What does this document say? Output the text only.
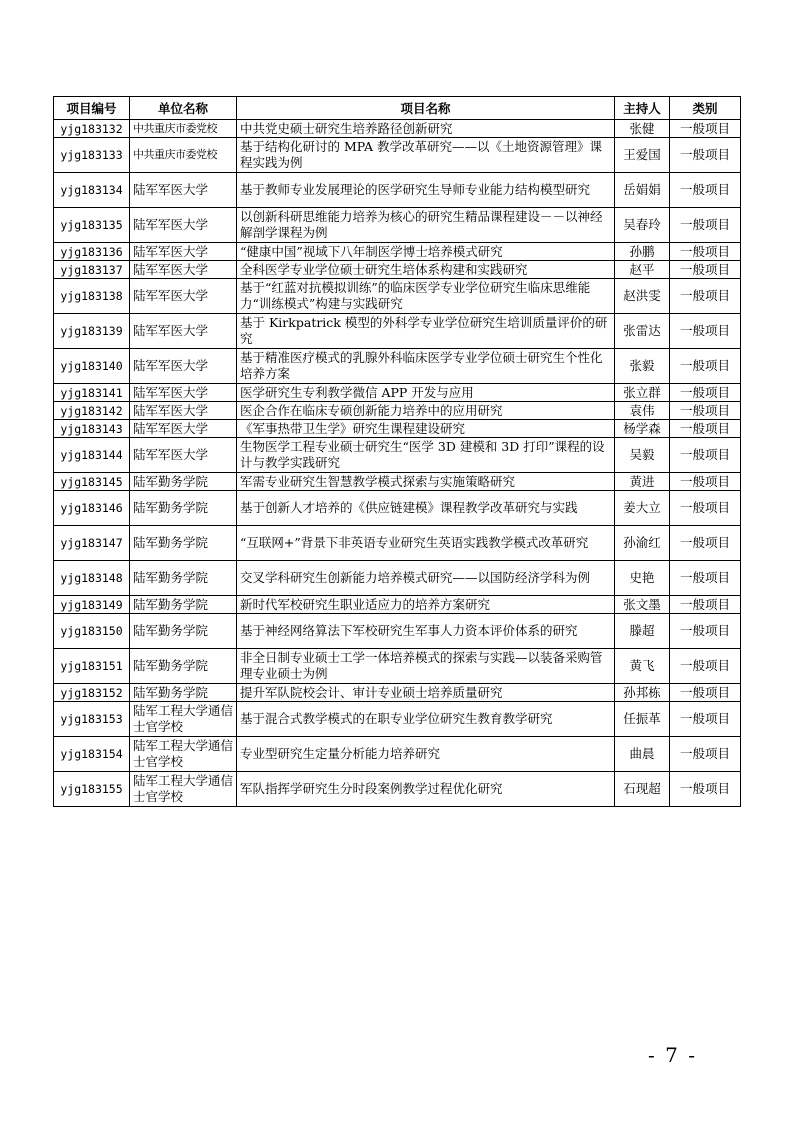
项目编号	单位名称	项目名称	主持人	类别
yjg183132	中共重庆市委党校	中共党史硕士研究生培养路径创新研究	张健	一般项目
yjg183133	中共重庆市委党校	基于结构化研讨的 MPA 教学改革研究——以《土地资源管理》课程实践为例	王爱国	一般项目
yjg183134	陆军军医大学	基于教师专业发展理论的医学研究生导师专业能力结构模型研究	岳娟娟	一般项目
yjg183135	陆军军医大学	以创新科研思维能力培养为核心的研究生精品课程建设－－以神经解剖学课程为例	吴春玲	一般项目
yjg183136	陆军军医大学	“健康中国”视域下八年制医学博士培养模式研究	孙鹏	一般项目
yjg183137	陆军军医大学	全科医学专业学位硕士研究生培体系构建和实践研究	赵平	一般项目
yjg183138	陆军军医大学	基于“红蓝对抗模拟训练”的临床医学专业学位研究生临床思维能力“训练模式”构建与实践研究	赵洪雯	一般项目
yjg183139	陆军军医大学	基于 Kirkpatrick 模型的外科学专业学位研究生培训质量评价的研究	张雷达	一般项目
yjg183140	陆军军医大学	基于精准医疗模式的乳腺外科临床医学专业学位硕士研究生个性化培养方案	张毅	一般项目
yjg183141	陆军军医大学	医学研究生专利教学微信 APP 开发与应用	张立群	一般项目
yjg183142	陆军军医大学	医企合作在临床专硕创新能力培养中的应用研究	袁伟	一般项目
yjg183143	陆军军医大学	《军事热带卫生学》研究生课程建设研究	杨学森	一般项目
yjg183144	陆军军医大学	生物医学工程专业硕士研究生“医学 3D 建模和 3D 打印”课程的设计与教学实践研究	吴毅	一般项目
yjg183145	陆军勤务学院	军需专业研究生智慧教学模式探索与实施策略研究	黄进	一般项目
yjg183146	陆军勤务学院	基于创新人才培养的《供应链建模》课程教学改革研究与实践	姜大立	一般项目
yjg183147	陆军勤务学院	“互联网+”背景下非英语专业研究生英语实践教学模式改革研究	孙渝红	一般项目
yjg183148	陆军勤务学院	交叉学科研究生创新能力培养模式研究——以国防经济学科为例	史艳	一般项目
yjg183149	陆军勤务学院	新时代军校研究生职业适应力的培养方案研究	张文墨	一般项目
yjg183150	陆军勤务学院	基于神经网络算法下军校研究生军事人力资本评价体系的研究	滕超	一般项目
yjg183151	陆军勤务学院	非全日制专业硕士工学一体培养模式的探索与实践—以装备采购管理专业硕士为例	黄飞	一般项目
yjg183152	陆军勤务学院	提升军队院校会计、审计专业硕士培养质量研究	孙邦栋	一般项目
yjg183153	陆军工程大学通信士官学校	基于混合式教学模式的在职专业学位研究生教育教学研究	任振革	一般项目
yjg183154	陆军工程大学通信士官学校	专业型研究生定量分析能力培养研究	曲晨	一般项目
yjg183155	陆军工程大学通信士官学校	军队指挥学研究生分时段案例教学过程优化研究	石现超	一般项目
- 7 -
